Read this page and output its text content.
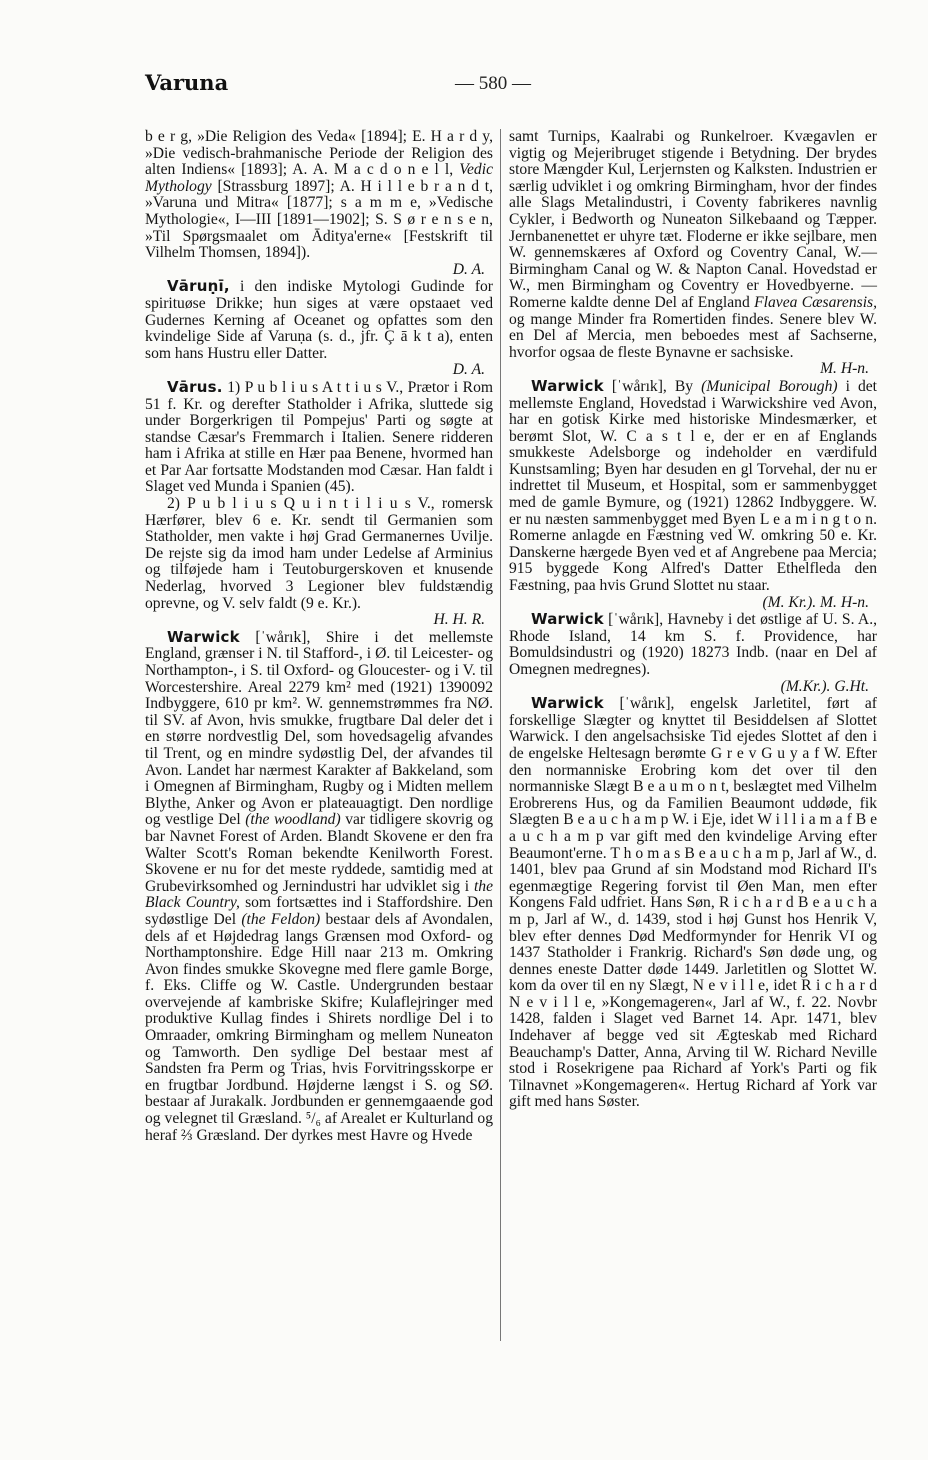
Varuna	— 580 —

b e r g, »Die Religion des Veda« [1894]; E. H a r d y, »Die vedisch-brahmanische Periode der Religion des alten Indiens« [1893]; A. A. M a c d o n e l l, Vedic Mythology [Strassburg 1897]; A. H i l l e b r a n d t, »Varuna und Mitra« [1877]; s a m m e, »Vedische Mythologie«, I—III [1891—1902]; S. S ø r e n s e n, »Til Spørgsmaalet om Āditya'erne« [Festskrift til Vilhelm Thomsen, 1894]).
D. A.

Vāruṇī, i den indiske Mytologi Gudinde for spirituøse Drikke; hun siges at være opstaaet ved Gudernes Kerning af Oceanet og opfattes som den kvindelige Side af Varuṇa (s. d., jfr. Ç ā k t a), enten som hans Hustru eller Datter.
D. A.

Vārus. 1) P u b l i u s A t t i u s V., Prætor i Rom 51 f. Kr. og derefter Statholder i Afrika, sluttede sig under Borgerkrigen til Pompejus' Parti og søgte at standse Cæsar's Fremmarch i Italien. Senere ridderen ham i Afrika at stille en Hær paa Benene, hvormed han et Par Aar fortsatte Modstanden mod Cæsar. Han faldt i Slaget ved Munda i Spanien (45).

2) P u b l i u s Q u i n t i l i u s V., romersk Hærfører, blev 6 e. Kr. sendt til Germanien som Statholder, men vakte i høj Grad Germanernes Uvilje. De rejste sig da imod ham under Ledelse af Arminius og tilføjede ham i Teutoburgerskoven et knusende Nederlag, hvorved 3 Legioner blev fuldstændig oprevne, og V. selv faldt (9 e. Kr.).
H. H. R.

Warwick [ˈwårık], Shire i det mellemste England, grænser i N. til Stafford-, i Ø. til Leicester- og Northampton-, i S. til Oxford- og Gloucester- og i V. til Worcestershire. Areal 2279 km² med (1921) 1390092 Indbyggere, 610 pr km². W. gennemstrømmes fra NØ. til SV. af Avon, hvis smukke, frugtbare Dal deler det i en større nordvestlig Del, som hovedsagelig afvandes til Trent, og en mindre sydøstlig Del, der afvandes til Avon. Landet har nærmest Karakter af Bakkeland, som i Omegnen af Birmingham, Rugby og i Midten mellem Blythe, Anker og Avon er plateauagtigt. Den nordlige og vestlige Del (the woodland) var tidligere skovrig og bar Navnet Forest of Arden. Blandt Skovene er den fra Walter Scott's Roman bekendte Kenilworth Forest. Skovene er nu for det meste ryddede, samtidig med at Grubevirksomhed og Jernindustri har udviklet sig i the Black Country, som fortsættes ind i Staffordshire. Den sydøstlige Del (the Feldon) bestaar dels af Avondalen, dels af et Højdedrag langs Grænsen mod Oxford- og Northamptonshire. Edge Hill naar 213 m. Omkring Avon findes smukke Skovegne med flere gamle Borge, f. Eks. Cliffe og W. Castle. Undergrunden bestaar overvejende af kambriske Skifre; Kulaflejringer med produktive Kullag findes i Shirets nordlige Del i to Omraader, omkring Birmingham og mellem Nuneaton og Tamworth. Den sydlige Del bestaar mest af Sandsten fra Perm og Trias, hvis Forvitringsskorpe er en frugtbar Jordbund. Højderne længst i S. og SØ. bestaar af Jurakalk. Jordbunden er gennemgaaende god og velegnet til Græsland. ⁵/₆ af Arealet er Kulturland og heraf ⅔ Græsland. Der dyrkes mest Havre og Hvede

samt Turnips, Kaalrabi og Runkelroer. Kvægavlen er vigtig og Mejeribruget stigende i Betydning. Der brydes store Mængder Kul, Lerjernsten og Kalksten. Industrien er særlig udviklet i og omkring Birmingham, hvor der findes alle Slags Metalindustri, i Coventy fabrikeres navnlig Cykler, i Bedworth og Nuneaton Silkebaand og Tæpper. Jernbanenettet er uhyre tæt. Floderne er ikke sejlbare, men W. gennemskæres af Oxford og Coventry Canal, W.— Birmingham Canal og W. & Napton Canal. Hovedstad er W., men Birmingham og Coventry er Hovedbyerne. — Romerne kaldte denne Del af England Flavea Cæsarensis, og mange Minder fra Romertiden findes. Senere blev W. en Del af Mercia, men beboedes mest af Sachserne, hvorfor ogsaa de fleste Bynavne er sachsiske.
M. H-n.

Warwick [ˈwårık], By (Municipal Borough) i det mellemste England, Hovedstad i Warwickshire ved Avon, har en gotisk Kirke med historiske Mindesmærker, et berømt Slot, W. C a s t l e, der er en af Englands smukkeste Adelsborge og indeholder en værdifuld Kunstsamling; Byen har desuden en gl Torvehal, der nu er indrettet til Museum, et Hospital, som er sammenbygget med de gamle Bymure, og (1921) 12862 Indbyggere. W. er nu næsten sammenbygget med Byen L e a m i n g t o n. Romerne anlagde en Fæstning ved W. omkring 50 e. Kr. Danskerne hærgede Byen ved et af Angrebene paa Mercia; 915 byggede Kong Alfred's Datter Ethelfleda den Fæstning, paa hvis Grund Slottet nu staar.
(M. Kr.). M. H-n.

Warwick [ˈwårık], Havneby i det østlige af U. S. A., Rhode Island, 14 km S. f. Providence, har Bomuldsindustri og (1920) 18273 Indb. (naar en Del af Omegnen medregnes).
(M.Kr.). G.Ht.

Warwick [ˈwårık], engelsk Jarletitel, ført af forskellige Slægter og knyttet til Besiddelsen af Slottet Warwick. I den angelsachsiske Tid ejedes Slottet af den i de engelske Heltesagn berømte G r e v G u y a f W. Efter den normanniske Erobring kom det over til den normanniske Slægt B e a u m o n t, beslægtet med Vilhelm Erobrerens Hus, og da Familien Beaumont uddøde, fik Slægten B e a u c h a m p W. i Eje, idet W i l l i a m a f B e a u c h a m p var gift med den kvindelige Arving efter Beaumont'erne. T h o m a s B e a u c h a m p, Jarl af W., d. 1401, blev paa Grund af sin Modstand mod Richard II's egenmægtige Regering forvist til Øen Man, men efter Kongens Fald udfriet. Hans Søn, R i c h a r d B e a u c h a m p, Jarl af W., d. 1439, stod i høj Gunst hos Henrik V, blev efter dennes Død Medformynder for Henrik VI og 1437 Statholder i Frankrig. Richard's Søn døde ung, og dennes eneste Datter døde 1449. Jarletitlen og Slottet W. kom da over til en ny Slægt, N e v i l l e, idet R i c h a r d N e v i l l e, »Kongemageren«, Jarl af W., f. 22. Novbr 1428, falden i Slaget ved Barnet 14. Apr. 1471, blev Indehaver af begge ved sit Ægteskab med Richard Beauchamp's Datter, Anna, Arving til W. Richard Neville stod i Rosekrigene paa Richard af York's Parti og fik Tilnavnet »Kongemageren«. Hertug Richard af York var gift med hans Søster.
